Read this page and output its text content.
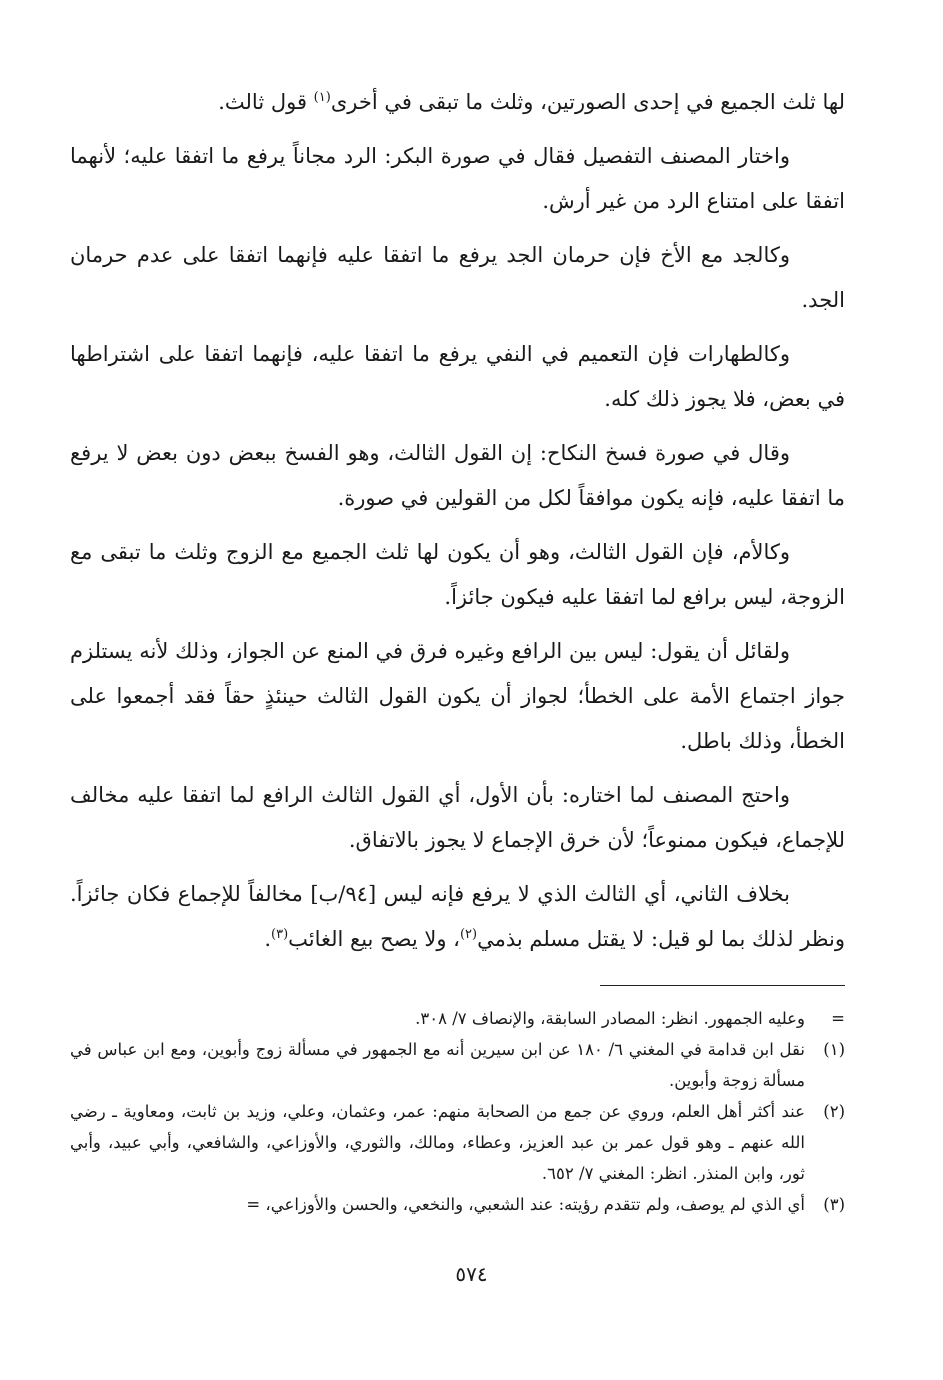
لها ثلث الجميع في إحدى الصورتين، وثلث ما تبقى في أخرى$^{(١)}$ قول ثالث.

واختار المصنف التفصيل فقال في صورة البكر: الرد مجاناً يرفع ما اتفقا عليه؛ لأنهما اتفقا على امتناع الرد من غير أرش.

وكالجد مع الأخ فإن حرمان الجد يرفع ما اتفقا عليه فإنهما اتفقا على عدم حرمان الجد.

وكالطهارات فإن التعميم في النفي يرفع ما اتفقا عليه، فإنهما اتفقا على اشتراطها في بعض، فلا يجوز ذلك كله.

وقال في صورة فسخ النكاح: إن القول الثالث، وهو الفسخ ببعض دون بعض لا يرفع ما اتفقا عليه، فإنه يكون موافقاً لكل من القولين في صورة.

وكالأم، فإن القول الثالث، وهو أن يكون لها ثلث الجميع مع الزوج وثلث ما تبقى مع الزوجة، ليس برافع لما اتفقا عليه فيكون جائزاً.

ولقائل أن يقول: ليس بين الرافع وغيره فرق في المنع عن الجواز، وذلك لأنه يستلزم جواز اجتماع الأمة على الخطأ؛ لجواز أن يكون القول الثالث حينئذٍ حقاً فقد أجمعوا على الخطأ، وذلك باطل.

واحتج المصنف لما اختاره: بأن الأول، أي القول الثالث الرافع لما اتفقا عليه مخالف للإجماع، فيكون ممنوعاً؛ لأن خرق الإجماع لا يجوز بالاتفاق.

بخلاف الثاني، أي الثالث الذي لا يرفع فإنه ليس [٩٤/ب] مخالفاً للإجماع فكان جائزاً. ونظر لذلك بما لو قيل: لا يقتل مسلم بذمي$^{(٢)}$، ولا يصح بيع الغائب$^{(٣)}$.

=
وعليه الجمهور. انظر: المصادر السابقة، والإنصاف ٧/ ٣٠٨.
(١)
نقل ابن قدامة في المغني ٦/ ١٨٠ عن ابن سيرين أنه مع الجمهور في مسألة زوج وأبوين، ومع ابن عباس في مسألة زوجة وأبوين.
(٢)
عند أكثر أهل العلم، وروي عن جمع من الصحابة منهم: عمر، وعثمان، وعلي، وزيد بن ثابت، ومعاوية ـ رضي الله عنهم ـ وهو قول عمر بن عبد العزيز، وعطاء، ومالك، والثوري، والأوزاعي، والشافعي، وأبي عبيد، وأبي ثور، وابن المنذر. انظر: المغني ٧/ ٦٥٢.
(٣)
أي الذي لم يوصف، ولم تتقدم رؤيته: عند الشعبي، والنخعي، والحسن والأوزاعي، =
٥٧٤
